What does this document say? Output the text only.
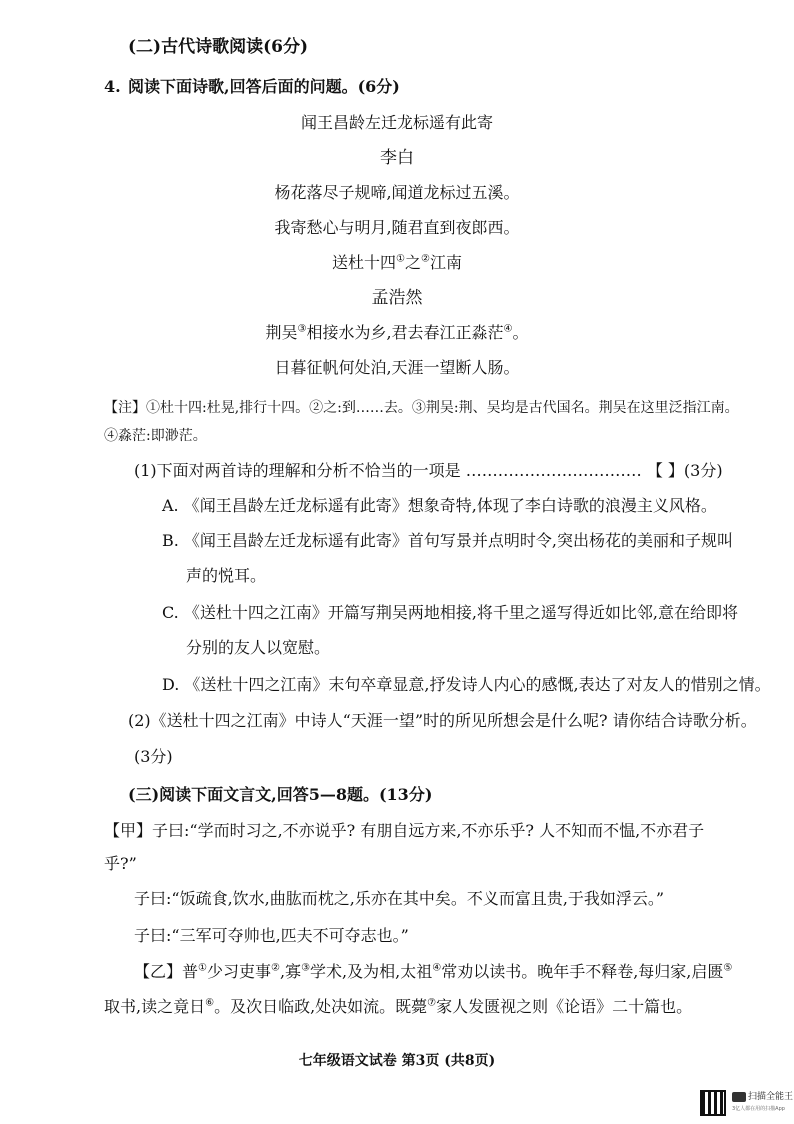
(二)古代诗歌阅读(6分)
4. 阅读下面诗歌,回答后面的问题。(6分)
闻王昌龄左迁龙标遥有此寄
李白
杨花落尽子规啼,闻道龙标过五溪。
我寄愁心与明月,随君直到夜郎西。
送杜十四①之②江南
孟浩然
荆吴③相接水为乡,君去春江正淼茫④。
日暮征帆何处泊,天涯一望断人肠。
【注】①杜十四:杜晃,排行十四。②之:到……去。③荆吴:荆、吴均是古代国名。荆吴在这里泛指江南。
④淼茫:即渺茫。
(1)下面对两首诗的理解和分析不恰当的一项是 …………………………… 【 】(3分)
A. 《闻王昌龄左迁龙标遥有此寄》想象奇特,体现了李白诗歌的浪漫主义风格。
B. 《闻王昌龄左迁龙标遥有此寄》首句写景并点明时令,突出杨花的美丽和子规叫
声的悦耳。
C. 《送杜十四之江南》开篇写荆吴两地相接,将千里之遥写得近如比邻,意在给即将
分别的友人以宽慰。
D. 《送杜十四之江南》末句卒章显意,抒发诗人内心的感慨,表达了对友人的惜别之情。
(2)《送杜十四之江南》中诗人“天涯一望”时的所见所想会是什么呢? 请你结合诗歌分析。
(3分)
(三)阅读下面文言文,回答5—8题。(13分)
【甲】子曰:“学而时习之,不亦说乎? 有朋自远方来,不亦乐乎? 人不知而不愠,不亦君子
乎?”
子曰:“饭疏食,饮水,曲肱而枕之,乐亦在其中矣。不义而富且贵,于我如浮云。”
子曰:“三军可夺帅也,匹夫不可夺志也。”
【乙】普①少习吏事②,寡③学术,及为相,太祖④常劝以读书。晚年手不释卷,每归家,启匮⑤
取书,读之竟日⑥。及次日临政,处决如流。既薨⑦家人发匮视之则《论语》二十篇也。
七年级语文试卷 第3页 (共8页)
扫描全能王
3亿人都在用的扫描App
